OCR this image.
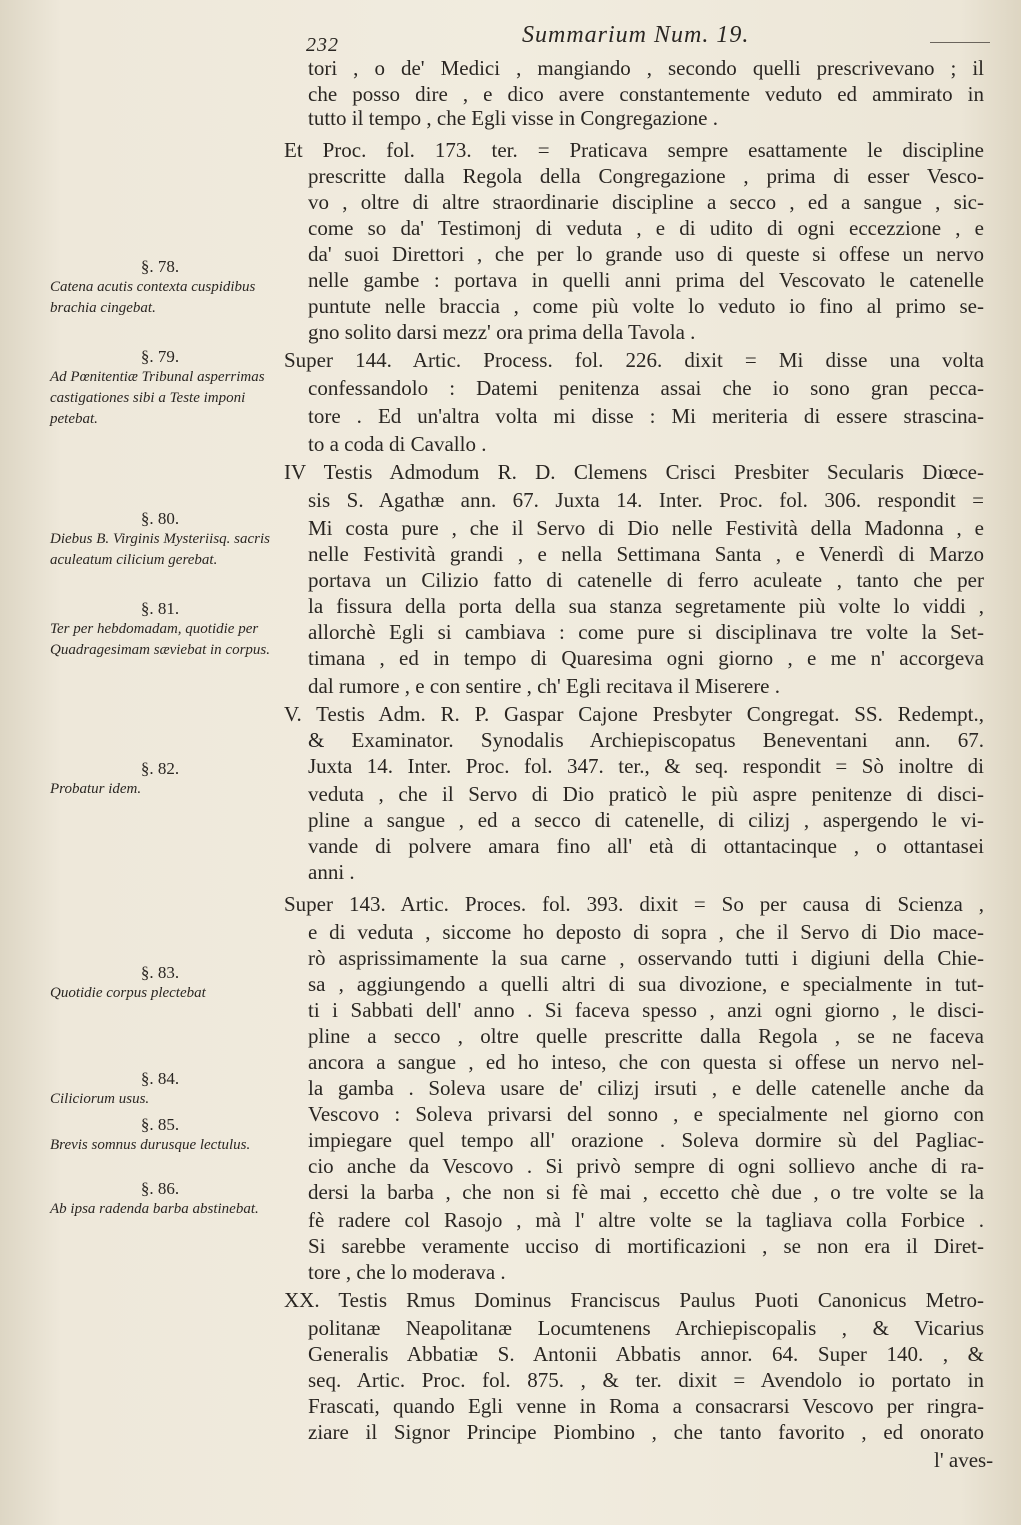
232	Summarium Num. 19.
§. 78.
Catena acutis contexta cuspidibus brachia cingebat.
§. 79.
Ad Pœnitentiæ Tribunal asperrimas castigationes sibi a Teste imponi petebat.
§. 80.
Diebus B. Virginis Mysteriisq. sacris aculeatum cilicium gerebat.
§. 81.
Ter per hebdomadam, quotidie per Quadragesimam sæviebat in corpus.
§. 82.
Probatur idem.
§. 83.
Quotidie corpus plectebat
§. 84.
Ciliciorum usus.
§. 85.
Brevis somnus durusque lectulus.
§. 86.
Ab ipsa radenda barba abstinebat.
tori , o de' Medici , mangiando , secondo quelli prescrivevano ; il
che posso dire , e dico avere constantemente veduto ed ammirato in
tutto il tempo , che Egli visse in Congregazione .
Et Proc. fol. 173. ter. = Praticava sempre esattamente le discipline
prescritte dalla Regola della Congregazione , prima di esser Vesco-
vo , oltre di altre straordinarie discipline a secco , ed a sangue , sic-
come so da' Testimonj di veduta , e di udito di ogni eccezzione , e
da' suoi Direttori , che per lo grande uso di queste si offese un nervo
nelle gambe : portava in quelli anni prima del Vescovato le catenelle
puntute nelle braccia , come più volte lo veduto io fino al primo se-
gno solito darsi mezz' ora prima della Tavola .
Super 144. Artic. Process. fol. 226. dixit = Mi disse una volta
confessandolo : Datemi penitenza assai che io sono gran pecca-
tore . Ed un'altra volta mi disse : Mi meriteria di essere strascina-
to a coda di Cavallo .
IV Testis Admodum R. D. Clemens Crisci Presbiter Secularis Diœce-
sis S. Agathæ ann. 67. Juxta 14. Inter. Proc. fol. 306. respondit =
Mi costa pure , che il Servo di Dio nelle Festività della Madonna , e
nelle Festività grandi , e nella Settimana Santa , e Venerdì di Marzo
portava un Cilizio fatto di catenelle di ferro aculeate , tanto che per
la fissura della porta della sua stanza segretamente più volte lo viddi ,
allorchè Egli si cambiava : come pure si disciplinava tre volte la Set-
timana , ed in tempo di Quaresima ogni giorno , e me n' accorgeva
dal rumore , e con sentire , ch' Egli recitava il Miserere .
V. Testis Adm. R. P. Gaspar Cajone Presbyter Congregat. SS. Redempt.,
& Examinator. Synodalis Archiepiscopatus Beneventani ann. 67.
Juxta 14. Inter. Proc. fol. 347. ter., & seq. respondit = Sò inoltre di
veduta , che il Servo di Dio praticò le più aspre penitenze di disci-
pline a sangue , ed a secco di catenelle, di cilizj , aspergendo le vi-
vande di polvere amara fino all' età di ottantacinque , o ottantasei
anni .
Super 143. Artic. Proces. fol. 393. dixit = So per causa di Scienza ,
e di veduta , siccome ho deposto di sopra , che il Servo di Dio mace-
rò asprissimamente la sua carne , osservando tutti i digiuni della Chie-
sa , aggiungendo a quelli altri di sua divozione, e specialmente in tut-
ti i Sabbati dell' anno . Si faceva spesso , anzi ogni giorno , le disci-
pline a secco , oltre quelle prescritte dalla Regola , se ne faceva
ancora a sangue , ed ho inteso, che con questa si offese un nervo nel-
la gamba . Soleva usare de' cilizj irsuti , e delle catenelle anche da
Vescovo : Soleva privarsi del sonno , e specialmente nel giorno con
impiegare quel tempo all' orazione . Soleva dormire sù del Pagliac-
cio anche da Vescovo . Si privò sempre di ogni sollievo anche di ra-
dersi la barba , che non si fè mai , eccetto chè due , o tre volte se la
fè radere col Rasojo , mà l' altre volte se la tagliava colla Forbice .
Si sarebbe veramente ucciso di mortificazioni , se non era il Diret-
tore , che lo moderava .
XX. Testis Rmus Dominus Franciscus Paulus Puoti Canonicus Metro-
politanæ Neapolitanæ Locumtenens Archiepiscopalis , & Vicarius
Generalis Abbatiæ S. Antonii Abbatis annor. 64. Super 140. , &
seq. Artic. Proc. fol. 875. , & ter. dixit = Avendolo io portato in
Frascati, quando Egli venne in Roma a consacrarsi Vescovo per ringra-
ziare il Signor Principe Piombino , che tanto favorito , ed onorato
l' aves-
